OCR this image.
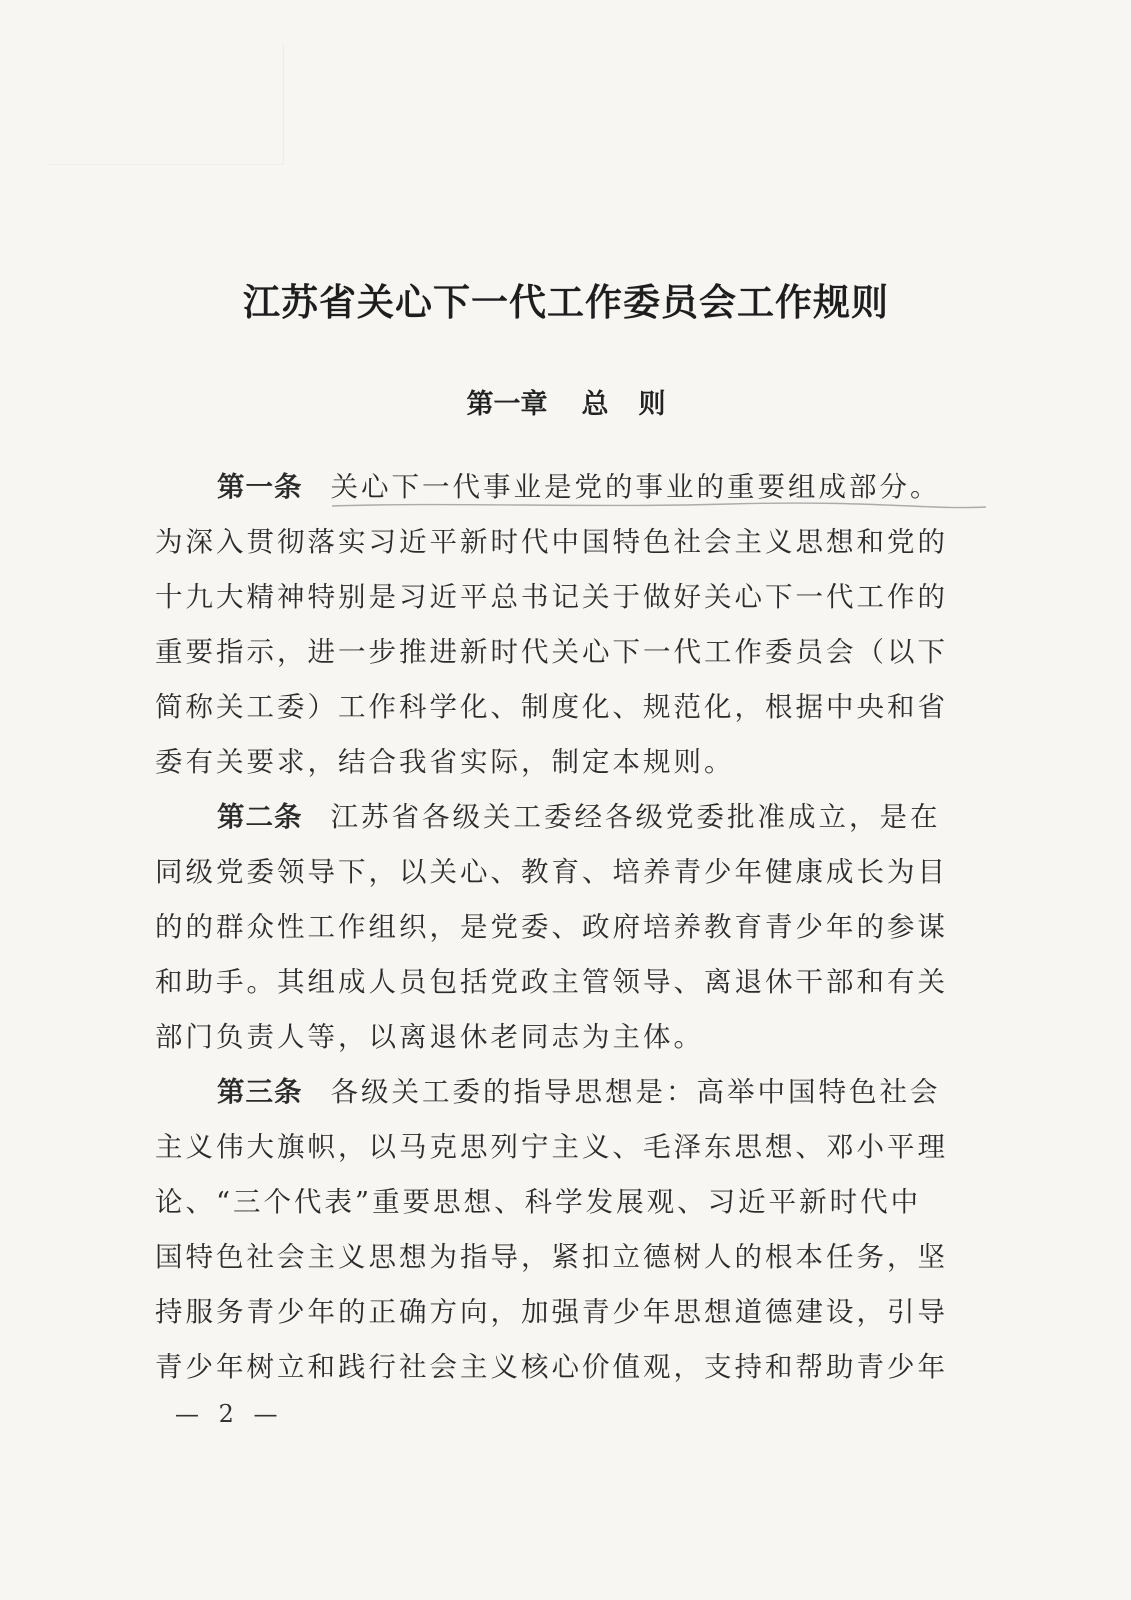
江苏省关心下一代工作委员会工作规则
第一章 总 则
第一条 关心下一代事业是党的事业的重要组成部分。
为深入贯彻落实习近平新时代中国特色社会主义思想和党的
十九大精神特别是习近平总书记关于做好关心下一代工作的
重要指示，进一步推进新时代关心下一代工作委员会（以下
简称关工委）工作科学化、制度化、规范化，根据中央和省
委有关要求，结合我省实际，制定本规则。
第二条 江苏省各级关工委经各级党委批准成立，是在
同级党委领导下，以关心、教育、培养青少年健康成长为目
的的群众性工作组织，是党委、政府培养教育青少年的参谋
和助手。其组成人员包括党政主管领导、离退休干部和有关
部门负责人等，以离退休老同志为主体。
第三条 各级关工委的指导思想是：高举中国特色社会
主义伟大旗帜，以马克思列宁主义、毛泽东思想、邓小平理
论、“三个代表”重要思想、科学发展观、习近平新时代中
国特色社会主义思想为指导，紧扣立德树人的根本任务，坚
持服务青少年的正确方向，加强青少年思想道德建设，引导
青少年树立和践行社会主义核心价值观，支持和帮助青少年
— 2 —
